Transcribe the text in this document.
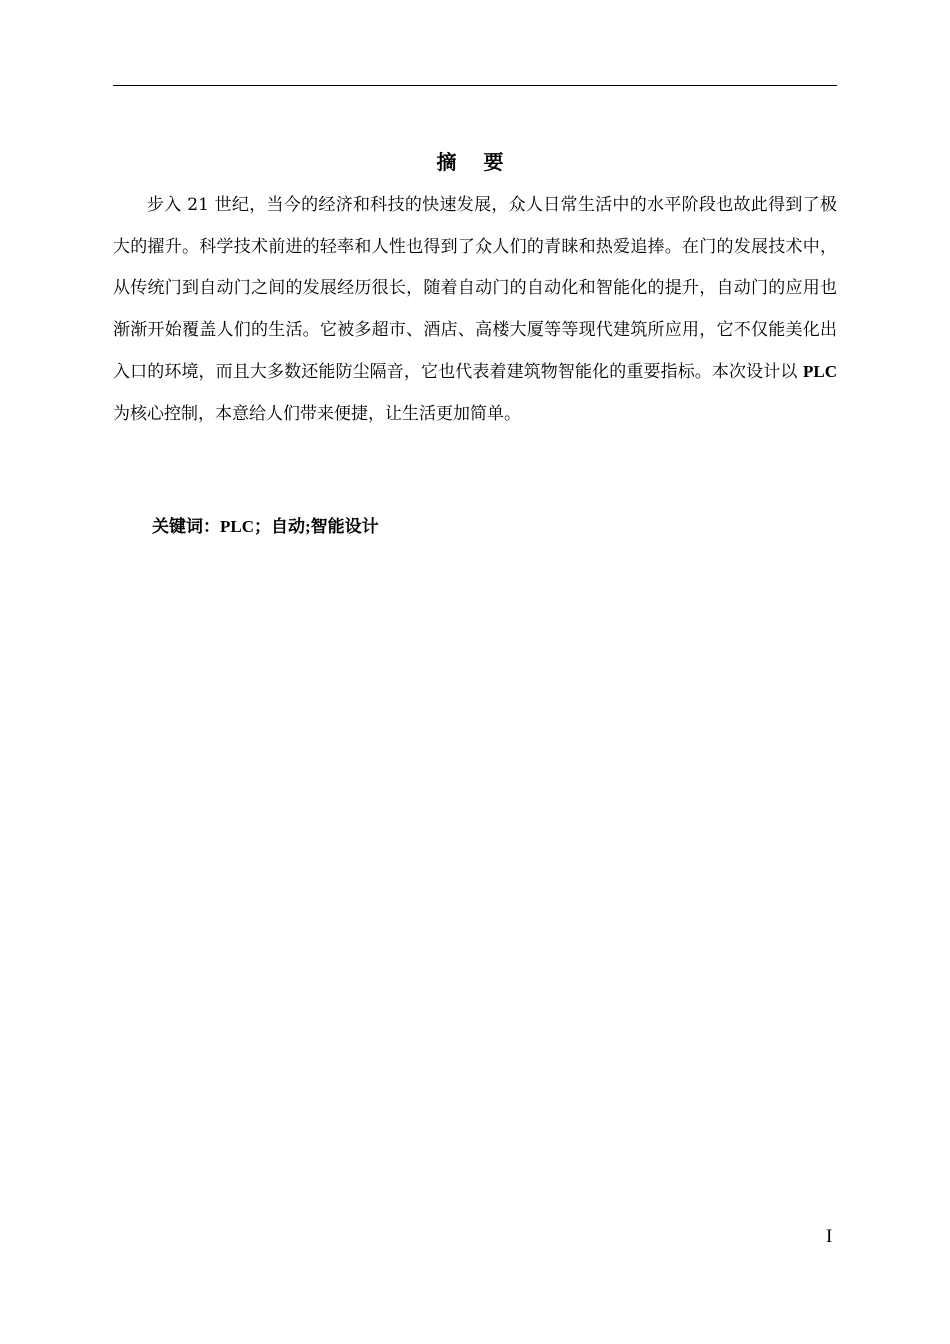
摘 要

步入 21 世纪，当今的经济和科技的快速发展，众人日常生活中的水平阶段也故此得到了极大的擢升。科学技术前进的轻率和人性也得到了众人们的青睐和热爱追捧。在门的发展技术中，从传统门到自动门之间的发展经历很长，随着自动门的自动化和智能化的提升，自动门的应用也渐渐开始覆盖人们的生活。它被多超市、酒店、高楼大厦等等现代建筑所应用，它不仅能美化出入口的环境，而且大多数还能防尘隔音，它也代表着建筑物智能化的重要指标。本次设计以 PLC 为核心控制，本意给人们带来便捷，让生活更加简单。

关键词：PLC；自动;智能设计
I
